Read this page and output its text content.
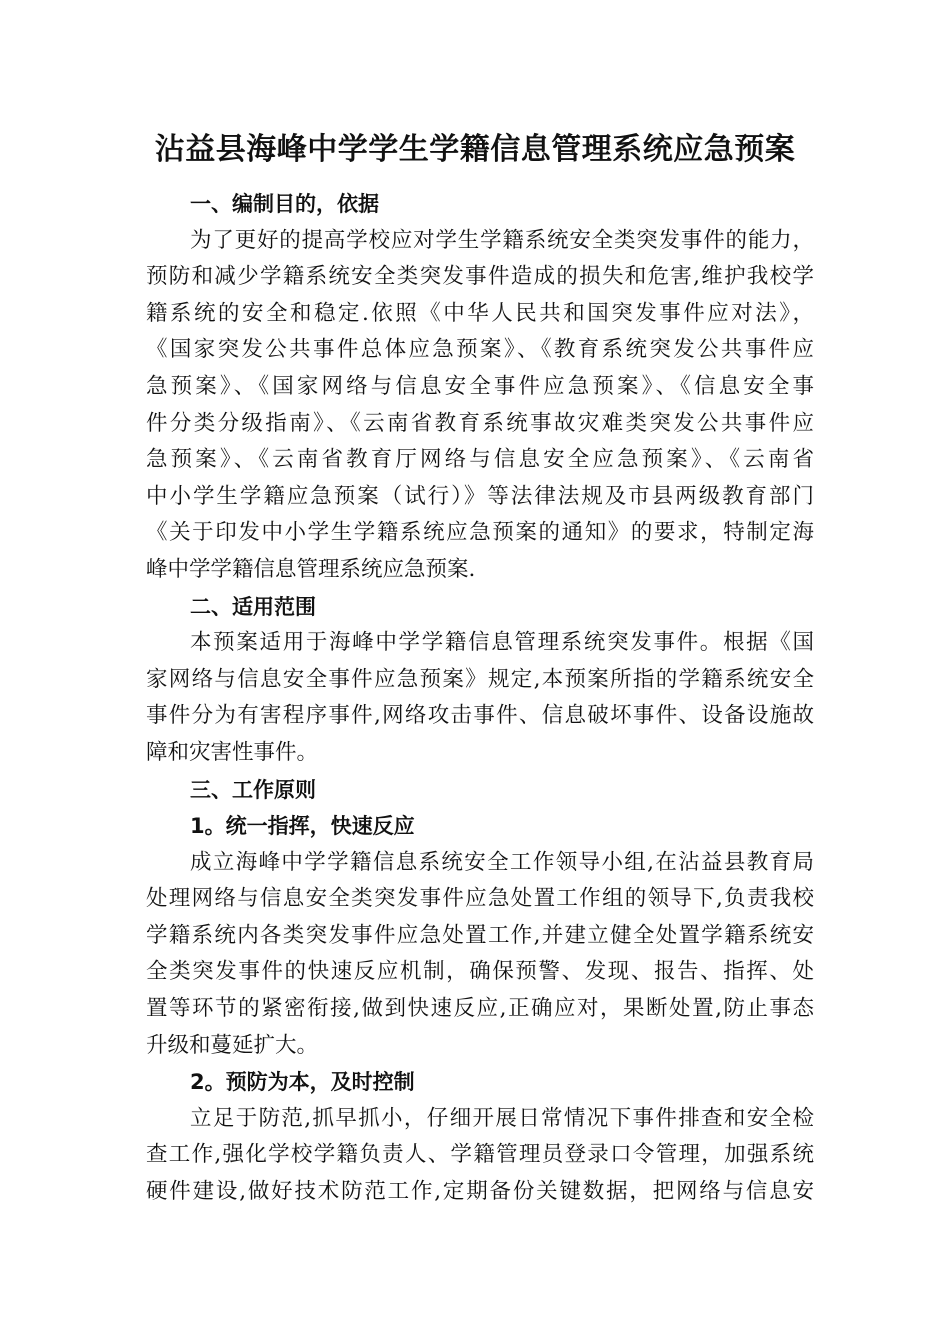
沾益县海峰中学学生学籍信息管理系统应急预案
一、编制目的，依据
为了更好的提高学校应对学生学籍系统安全类突发事件的能力，
预防和减少学籍系统安全类突发事件造成的损失和危害,维护我校学
籍系统的安全和稳定.依照《中华人民共和国突发事件应对法》，
《国家突发公共事件总体应急预案》、《教育系统突发公共事件应
急预案》、《国家网络与信息安全事件应急预案》、《信息安全事
件分类分级指南》、《云南省教育系统事故灾难类突发公共事件应
急预案》、《云南省教育厅网络与信息安全应急预案》、《云南省
中小学生学籍应急预案（试行）》等法律法规及市县两级教育部门
《关于印发中小学生学籍系统应急预案的通知》的要求，特制定海
峰中学学籍信息管理系统应急预案.
二、适用范围
本预案适用于海峰中学学籍信息管理系统突发事件。根据《国
家网络与信息安全事件应急预案》规定,本预案所指的学籍系统安全
事件分为有害程序事件,网络攻击事件、信息破坏事件、设备设施故
障和灾害性事件。
三、工作原则
1。统一指挥，快速反应
成立海峰中学学籍信息系统安全工作领导小组,在沾益县教育局
处理网络与信息安全类突发事件应急处置工作组的领导下,负责我校
学籍系统内各类突发事件应急处置工作,并建立健全处置学籍系统安
全类突发事件的快速反应机制，确保预警、发现、报告、指挥、处
置等环节的紧密衔接,做到快速反应,正确应对，果断处置,防止事态
升级和蔓延扩大。
2。预防为本，及时控制
立足于防范,抓早抓小，仔细开展日常情况下事件排查和安全检
查工作,强化学校学籍负责人、学籍管理员登录口令管理，加强系统
硬件建设,做好技术防范工作,定期备份关键数据，把网络与信息安
